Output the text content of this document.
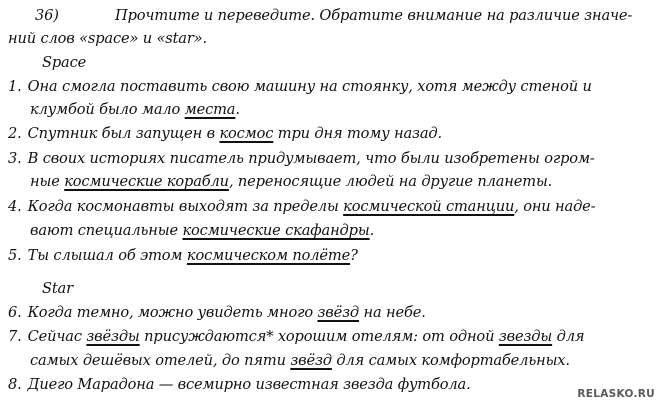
36)	Прочтите и переведите. Обратите внимание на различие значе-
ний слов «space» и «star».
Space
1. Она смогла поставить свою машину на стоянку, хотя между стеной и
клумбой было мало места.
2. Спутник был запущен в космос три дня тому назад.
3. В своих историях писатель придумывает, что были изобретены огром-
ные космические корабли, переносящие людей на другие планеты.
4. Когда космонавты выходят за пределы космической станции, они наде-
вают специальные космические скафандры.
5. Ты слышал об этом космическом полёте?
Star
6. Когда темно, можно увидеть много звёзд на небе.
7. Сейчас звёзды присуждаются* хорошим отелям: от одной звезды для
самых дешёвых отелей, до пяти звёзд для самых комфортабельных.
8. Диего Марадона — всемирно известная звезда футбола.
RELASKO.RU
